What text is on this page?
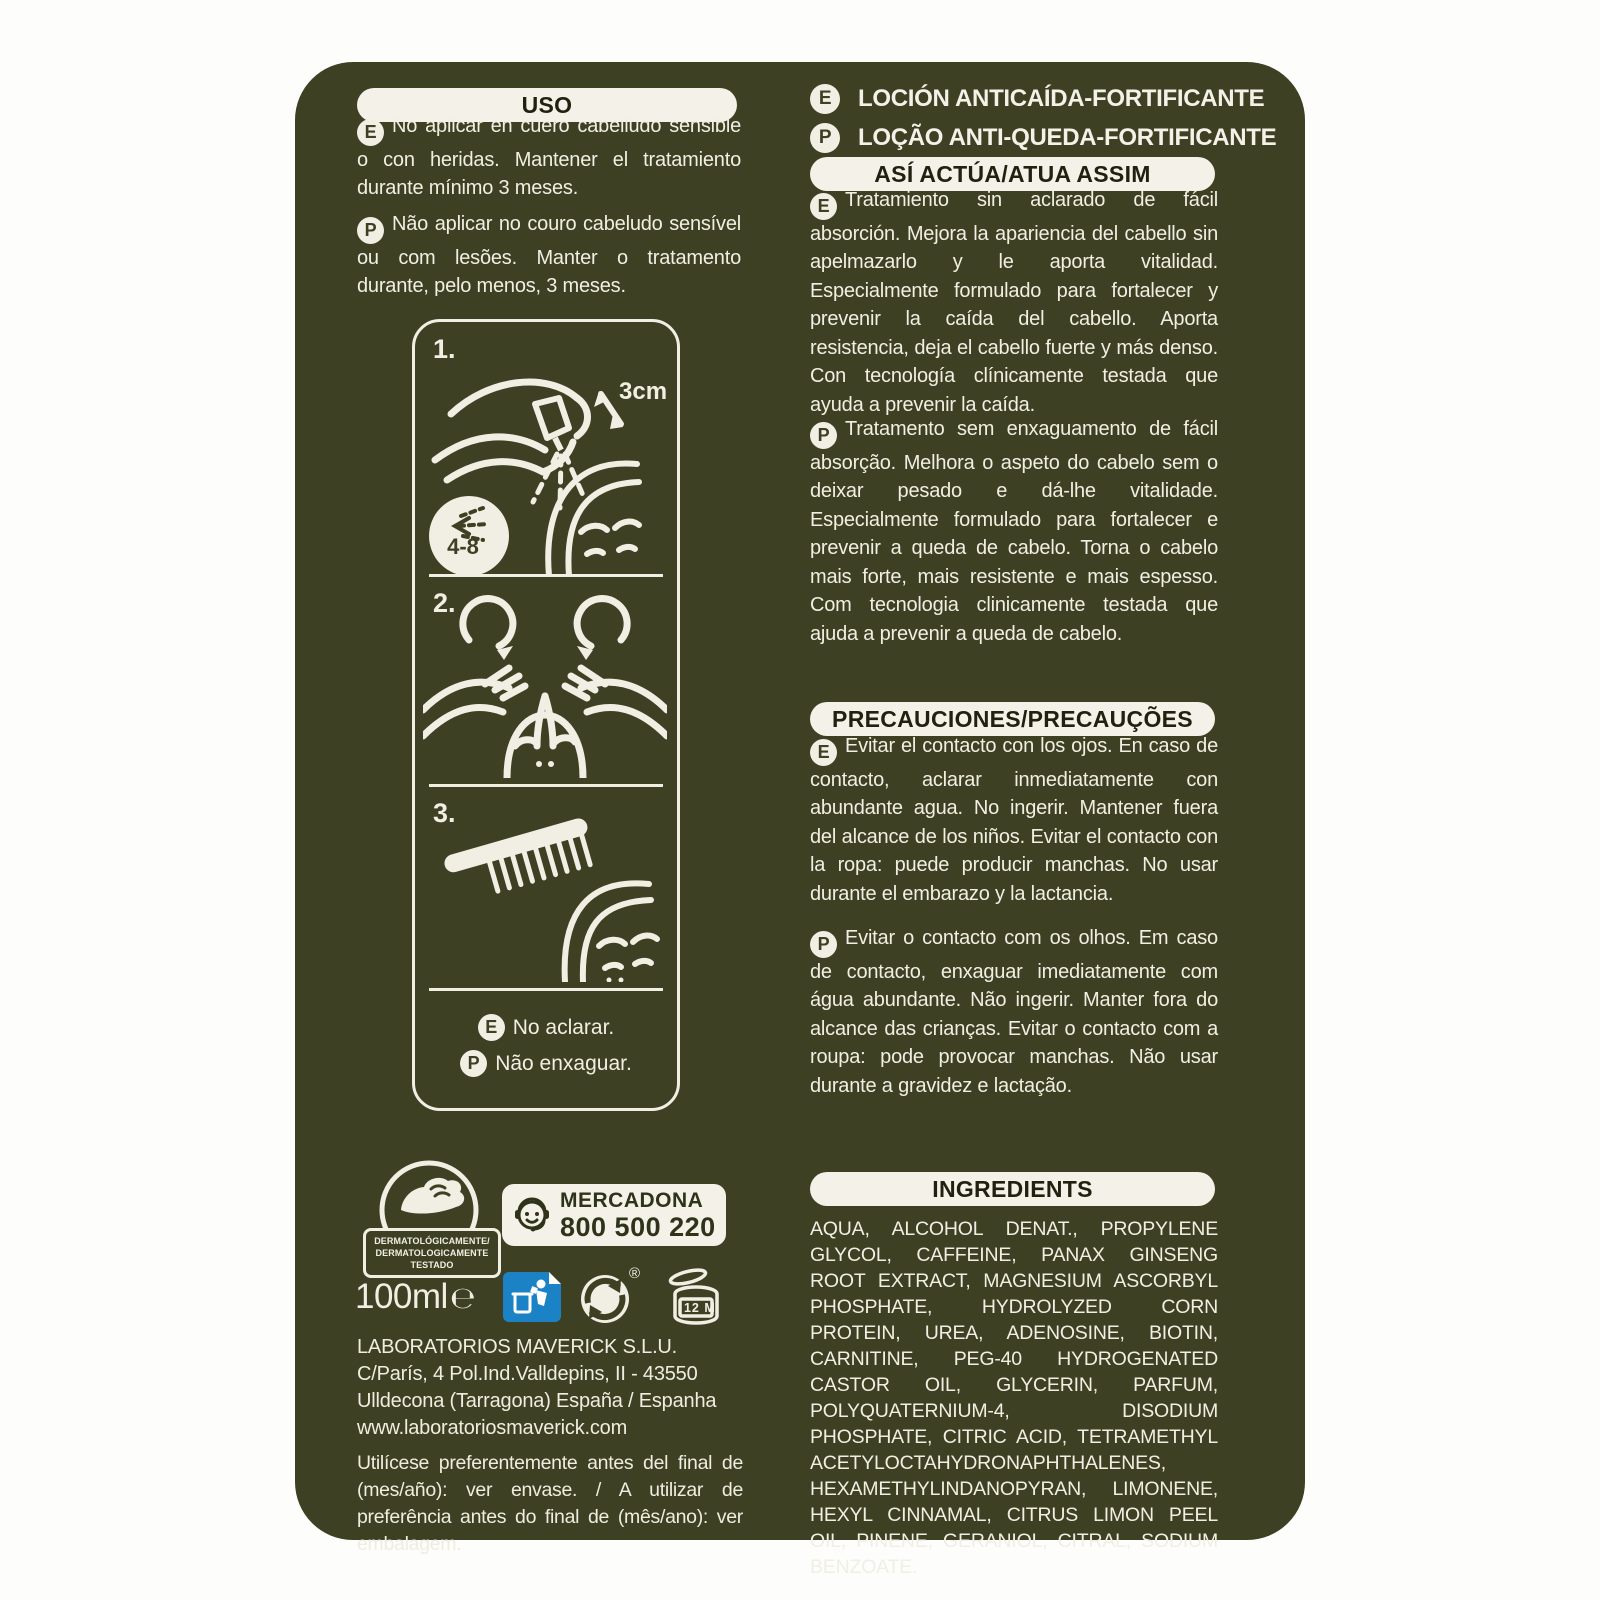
USO

E No aplicar en cuero cabelludo sensible o con heridas. Mantener el tratamiento durante mínimo 3 meses.

P Não aplicar no couro cabeludo sensível ou com lesões. Manter o tratamento durante, pelo menos, 3 meses.

1.
3cm
4-8
2.
3.
E No aclarar.
P Não enxaguar.
DERMATOLÓGICAMENTE/
DERMATOLOGICAMENTE TESTADO
MERCADONA
800 500 220
100ml℮
®
12 M
LABORATORIOS MAVERICK S.L.U.
C/París, 4 Pol.Ind.Valldepins, II - 43550
Ulldecona (Tarragona) España / Espanha
www.laboratoriosmaverick.com
Utilícese preferentemente antes del final de (mes/año): ver envase. / A utilizar de preferência antes do final de (mês/ano): ver embalagem.
E	LOCIÓN ANTICAÍDA-FORTIFICANTE
P	LOÇÃO ANTI-QUEDA-FORTIFICANTE
ASÍ ACTÚA/ATUA ASSIM

E Tratamiento sin aclarado de fácil absorción. Mejora la apariencia del cabello sin apelmazarlo y le aporta vitalidad. Especialmente formulado para fortalecer y prevenir la caída del cabello. Aporta resistencia, deja el cabello fuerte y más denso. Con tecnología clínicamente testada que ayuda a prevenir la caída.

P Tratamento sem enxaguamento de fácil absorção. Melhora o aspeto do cabelo sem o deixar pesado e dá-lhe vitalidade. Especialmente formulado para fortalecer e prevenir a queda de cabelo. Torna o cabelo mais forte, mais resistente e mais espesso. Com tecnologia clinicamente testada que ajuda a prevenir a queda de cabelo.

PRECAUCIONES/PRECAUÇÕES

E Evitar el contacto con los ojos. En caso de contacto, aclarar inmediatamente con abundante agua. No ingerir. Mantener fuera del alcance de los niños. Evitar el contacto con la ropa: puede producir manchas. No usar durante el embarazo y la lactancia.

P Evitar o contacto com os olhos. Em caso de contacto, enxaguar imediatamente com água abundante. Não ingerir. Manter fora do alcance das crianças. Evitar o contacto com a roupa: pode provocar manchas. Não usar durante a gravidez e lactação.

INGREDIENTS
AQUA, ALCOHOL DENAT., PROPYLENE GLYCOL, CAFFEINE, PANAX GINSENG ROOT EXTRACT, MAGNESIUM ASCORBYL PHOSPHATE, HYDROLYZED CORN PROTEIN, UREA, ADENOSINE, BIOTIN, CARNITINE, PEG-40 HYDROGENATED CASTOR OIL, GLYCERIN, PARFUM, POLYQUATERNIUM-4, DISODIUM PHOSPHATE, CITRIC ACID, TETRAMETHYL ACETYLOCTAHYDRONAPHTHALENES, HEXAMETHYLINDANOPYRAN, LIMONENE, HEXYL CINNAMAL, CITRUS LIMON PEEL OIL, PINENE, GERANIOL, CITRAL, SODIUM BENZOATE.
